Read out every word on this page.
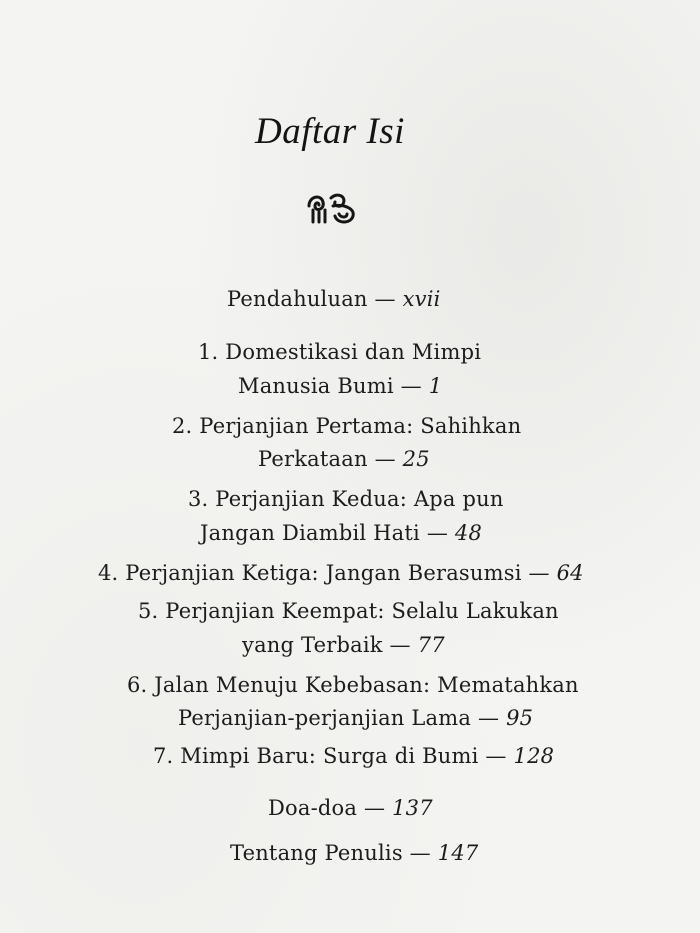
Daftar Isi
Pendahuluan — xvii
1. Domestikasi dan Mimpi
Manusia Bumi — 1
2. Perjanjian Pertama: Sahihkan
Perkataan — 25
3. Perjanjian Kedua: Apa pun
Jangan Diambil Hati — 48
4. Perjanjian Ketiga: Jangan Berasumsi — 64
5. Perjanjian Keempat: Selalu Lakukan
yang Terbaik — 77
6. Jalan Menuju Kebebasan: Mematahkan
Perjanjian-perjanjian Lama — 95
7. Mimpi Baru: Surga di Bumi — 128
Doa-doa — 137
Tentang Penulis — 147
